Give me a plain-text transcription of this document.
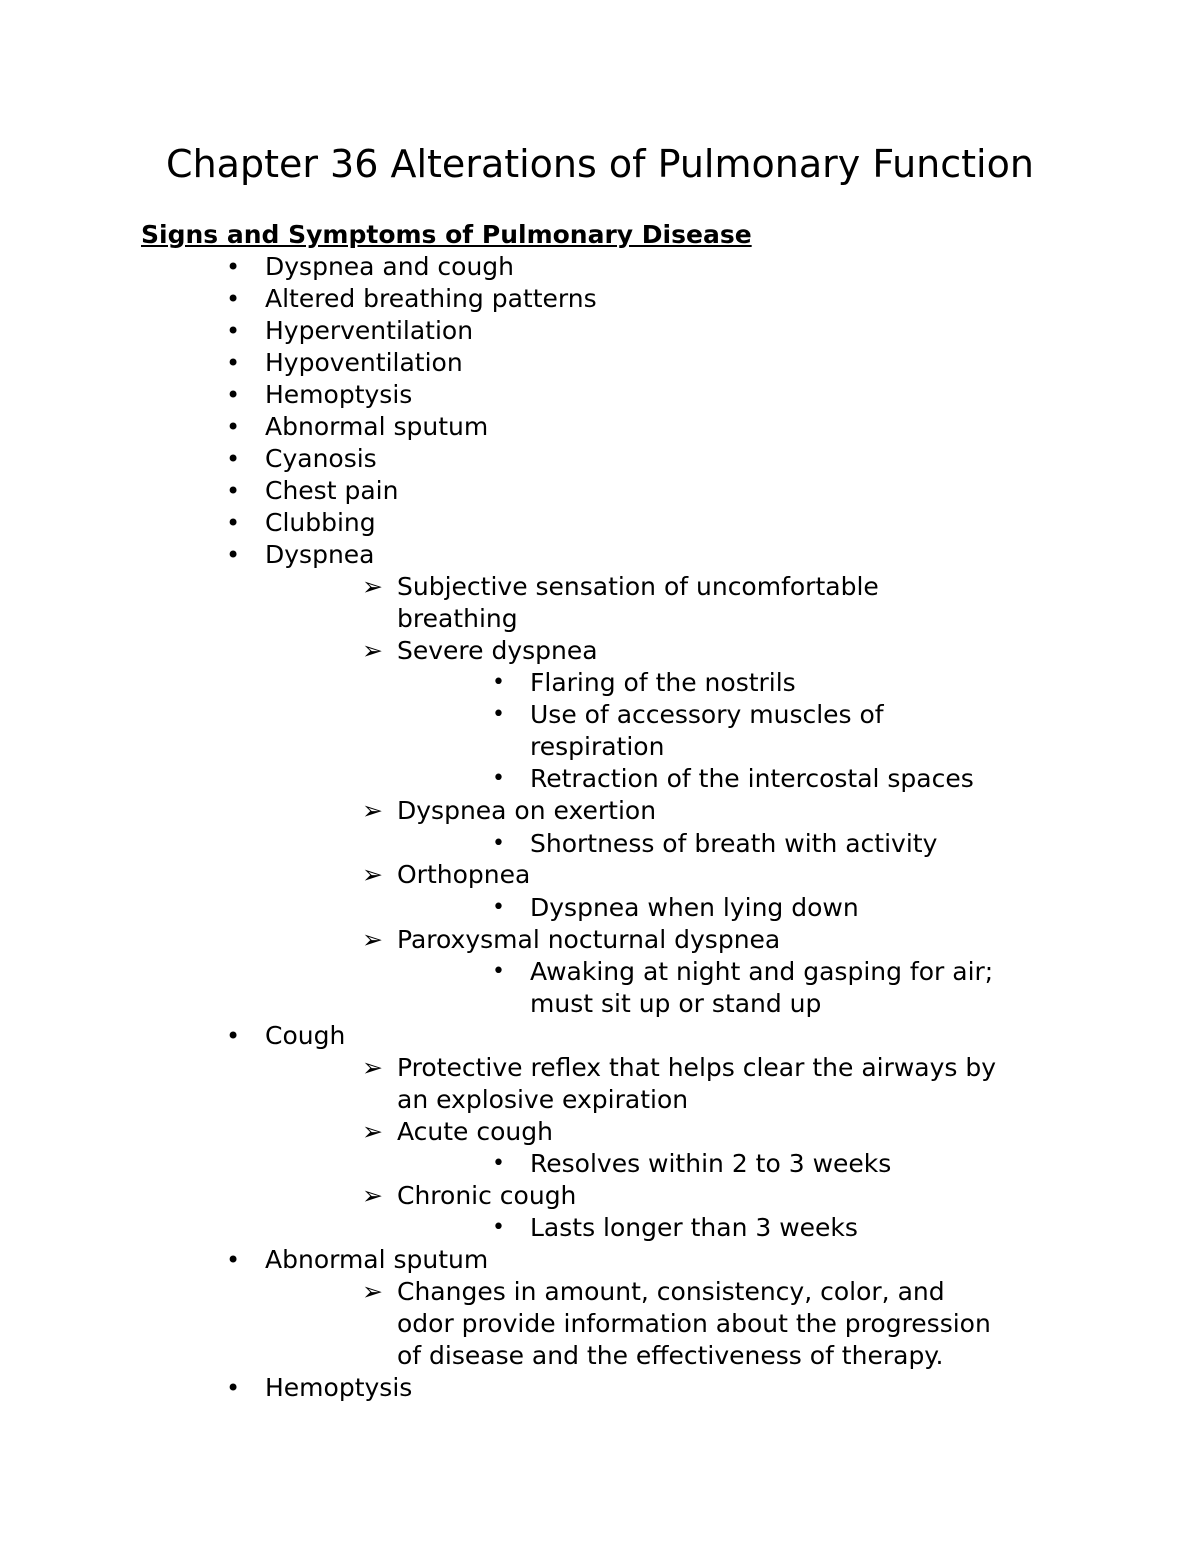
Chapter 36 Alterations of Pulmonary Function
Signs and Symptoms of Pulmonary Disease
• Dyspnea and cough
• Altered breathing patterns
• Hyperventilation
• Hypoventilation
• Hemoptysis
• Abnormal sputum
• Cyanosis
• Chest pain
• Clubbing
• Dyspnea
➢ Subjective sensation of uncomfortable
breathing
➢ Severe dyspnea
• Flaring of the nostrils
• Use of accessory muscles of
respiration
• Retraction of the intercostal spaces
➢ Dyspnea on exertion
• Shortness of breath with activity
➢ Orthopnea
• Dyspnea when lying down
➢ Paroxysmal nocturnal dyspnea
• Awaking at night and gasping for air;
must sit up or stand up
• Cough
➢ Protective reflex that helps clear the airways by
an explosive expiration
➢ Acute cough
• Resolves within 2 to 3 weeks
➢ Chronic cough
• Lasts longer than 3 weeks
• Abnormal sputum
➢ Changes in amount, consistency, color, and
odor provide information about the progression
of disease and the effectiveness of therapy.
• Hemoptysis
